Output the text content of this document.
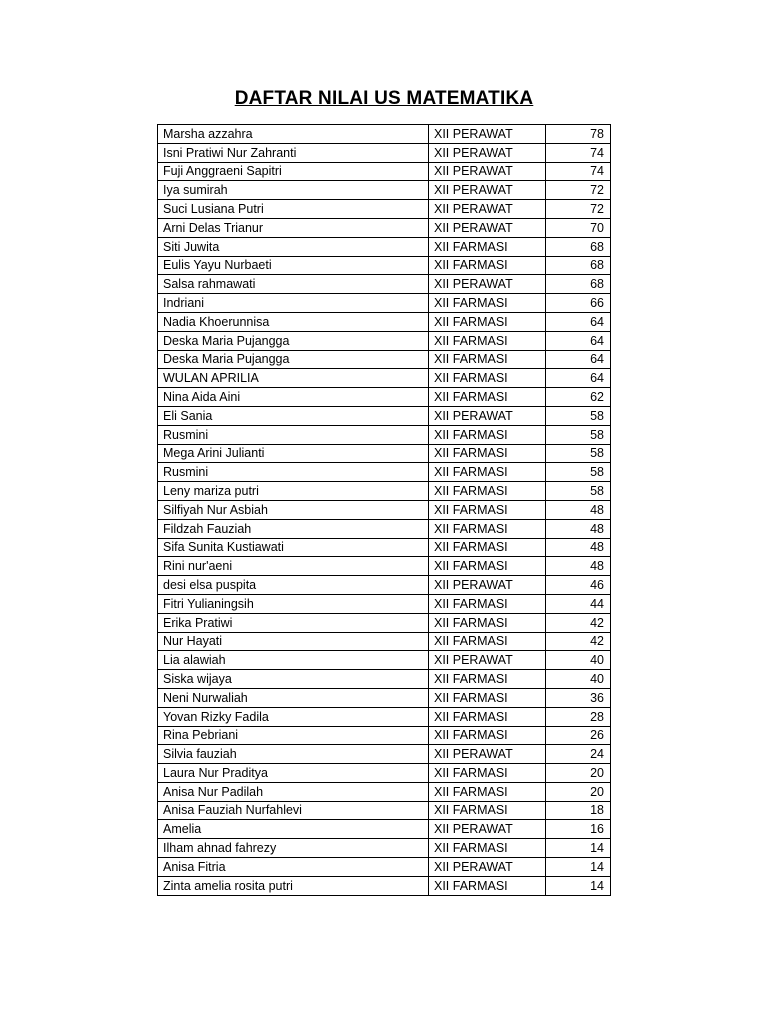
DAFTAR NILAI US MATEMATIKA
Marsha azzahra	XII PERAWAT	78
Isni Pratiwi Nur Zahranti	XII PERAWAT	74
Fuji Anggraeni Sapitri	XII PERAWAT	74
Iya sumirah	XII PERAWAT	72
Suci Lusiana Putri	XII PERAWAT	72
Arni Delas Trianur	XII PERAWAT	70
Siti Juwita	XII FARMASI	68
Eulis Yayu Nurbaeti	XII FARMASI	68
Salsa rahmawati	XII PERAWAT	68
Indriani	XII FARMASI	66
Nadia Khoerunnisa	XII FARMASI	64
Deska Maria Pujangga	XII FARMASI	64
Deska Maria Pujangga	XII FARMASI	64
WULAN APRILIA	XII FARMASI	64
Nina Aida Aini	XII FARMASI	62
Eli Sania	XII PERAWAT	58
Rusmini	XII FARMASI	58
Mega Arini Julianti	XII FARMASI	58
Rusmini	XII FARMASI	58
Leny mariza putri	XII FARMASI	58
Silfiyah Nur Asbiah	XII FARMASI	48
Fildzah Fauziah	XII FARMASI	48
Sifa Sunita Kustiawati	XII FARMASI	48
Rini nur'aeni	XII FARMASI	48
desi elsa puspita	XII PERAWAT	46
Fitri Yulianingsih	XII FARMASI	44
Erika Pratiwi	XII FARMASI	42
Nur Hayati	XII FARMASI	42
Lia alawiah	XII PERAWAT	40
Siska wijaya	XII FARMASI	40
Neni Nurwaliah	XII FARMASI	36
Yovan Rizky Fadila	XII FARMASI	28
Rina Pebriani	XII FARMASI	26
Silvia fauziah	XII PERAWAT	24
Laura Nur Praditya	XII FARMASI	20
Anisa Nur Padilah	XII FARMASI	20
Anisa Fauziah Nurfahlevi	XII FARMASI	18
Amelia	XII PERAWAT	16
Ilham ahnad fahrezy	XII FARMASI	14
Anisa Fitria	XII PERAWAT	14
Zinta amelia rosita putri	XII FARMASI	14
